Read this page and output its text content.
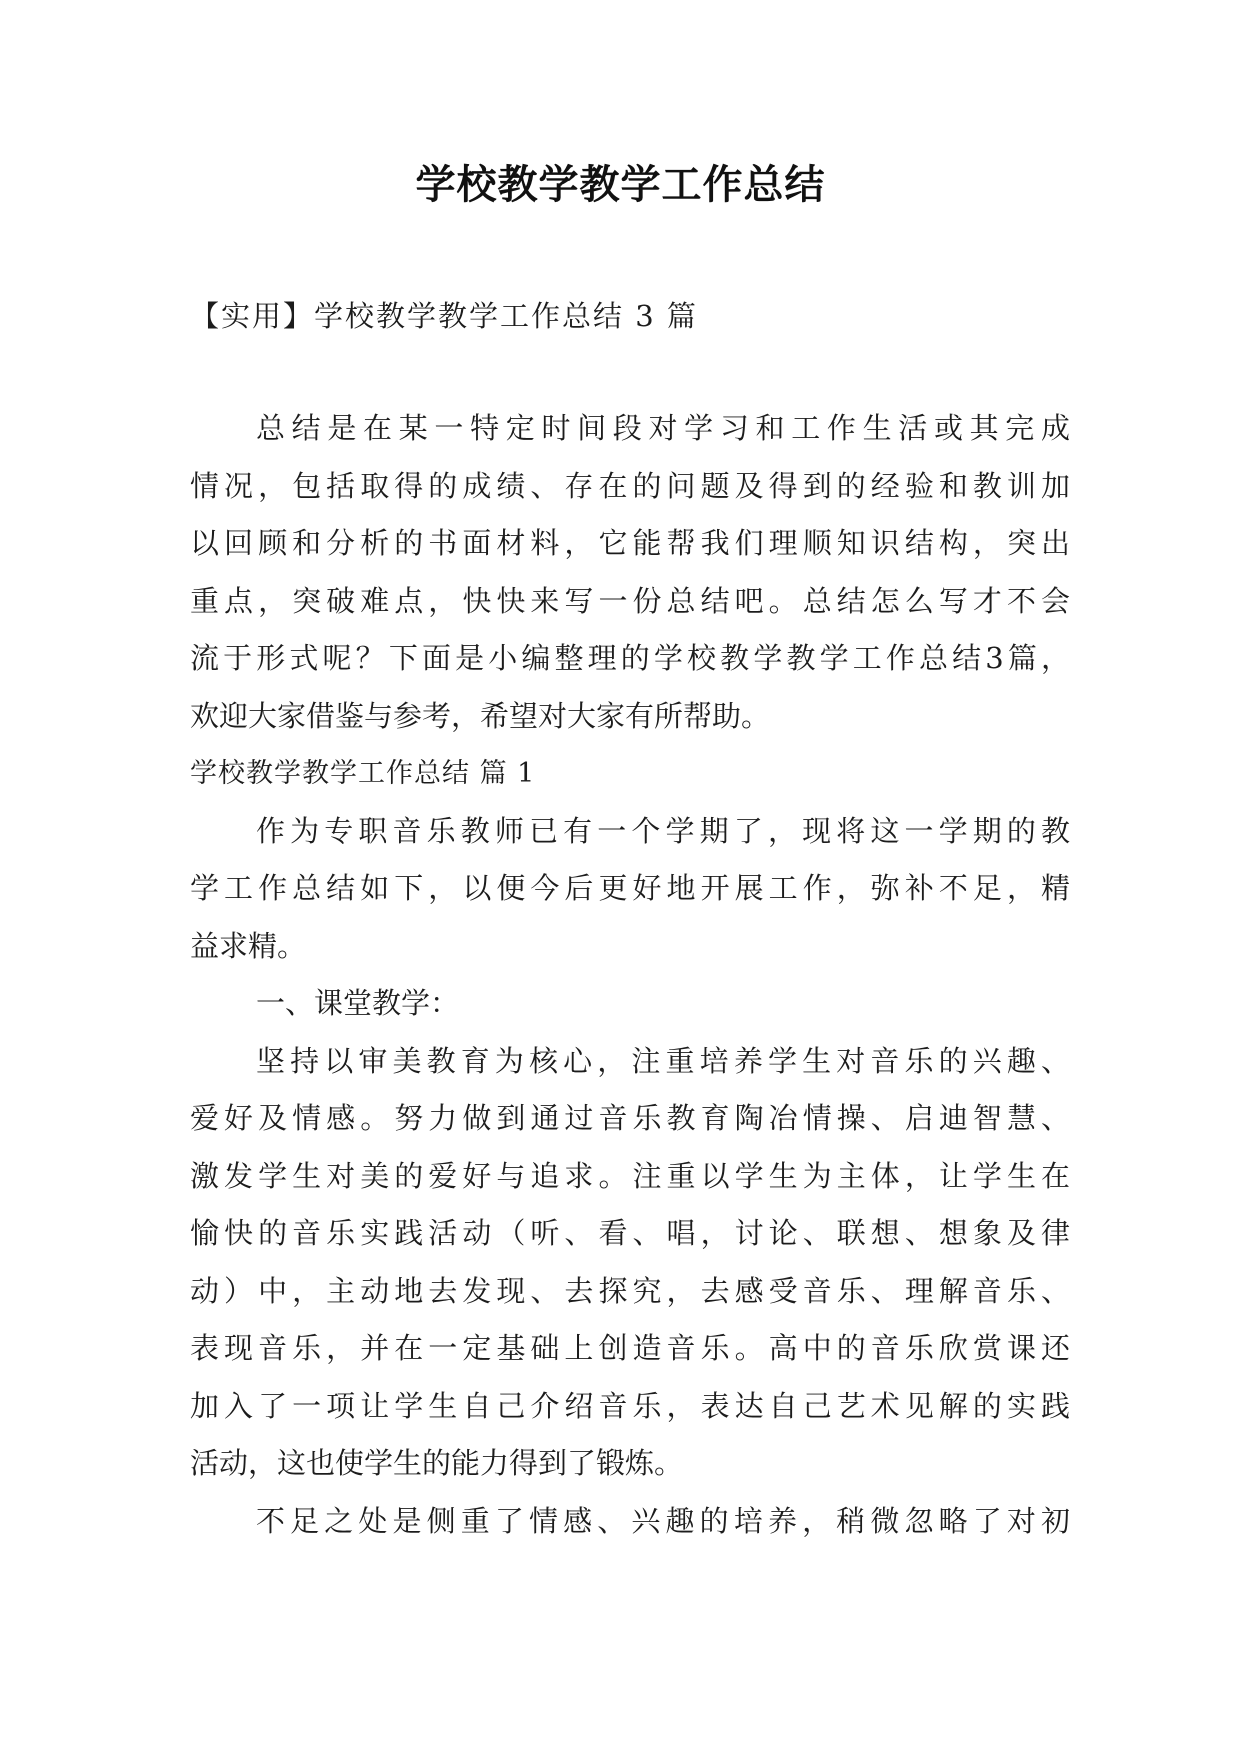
学校教学教学工作总结
【实用】学校教学教学工作总结 3 篇
总结是在某一特定时间段对学习和工作生活或其完成
情况，包括取得的成绩、存在的问题及得到的经验和教训加
以回顾和分析的书面材料，它能帮我们理顺知识结构，突出
重点，突破难点，快快来写一份总结吧。总结怎么写才不会
流于形式呢？下面是小编整理的学校教学教学工作总结3篇，
欢迎大家借鉴与参考，希望对大家有所帮助。
学校教学教学工作总结 篇 1
作为专职音乐教师已有一个学期了，现将这一学期的教
学工作总结如下，以便今后更好地开展工作，弥补不足，精
益求精。
一、课堂教学：
坚持以审美教育为核心，注重培养学生对音乐的兴趣、
爱好及情感。努力做到通过音乐教育陶冶情操、启迪智慧、
激发学生对美的爱好与追求。注重以学生为主体，让学生在
愉快的音乐实践活动（听、看、唱，讨论、联想、想象及律
动）中，主动地去发现、去探究，去感受音乐、理解音乐、
表现音乐，并在一定基础上创造音乐。高中的音乐欣赏课还
加入了一项让学生自己介绍音乐，表达自己艺术见解的实践
活动，这也使学生的能力得到了锻炼。
不足之处是侧重了情感、兴趣的培养，稍微忽略了对初
